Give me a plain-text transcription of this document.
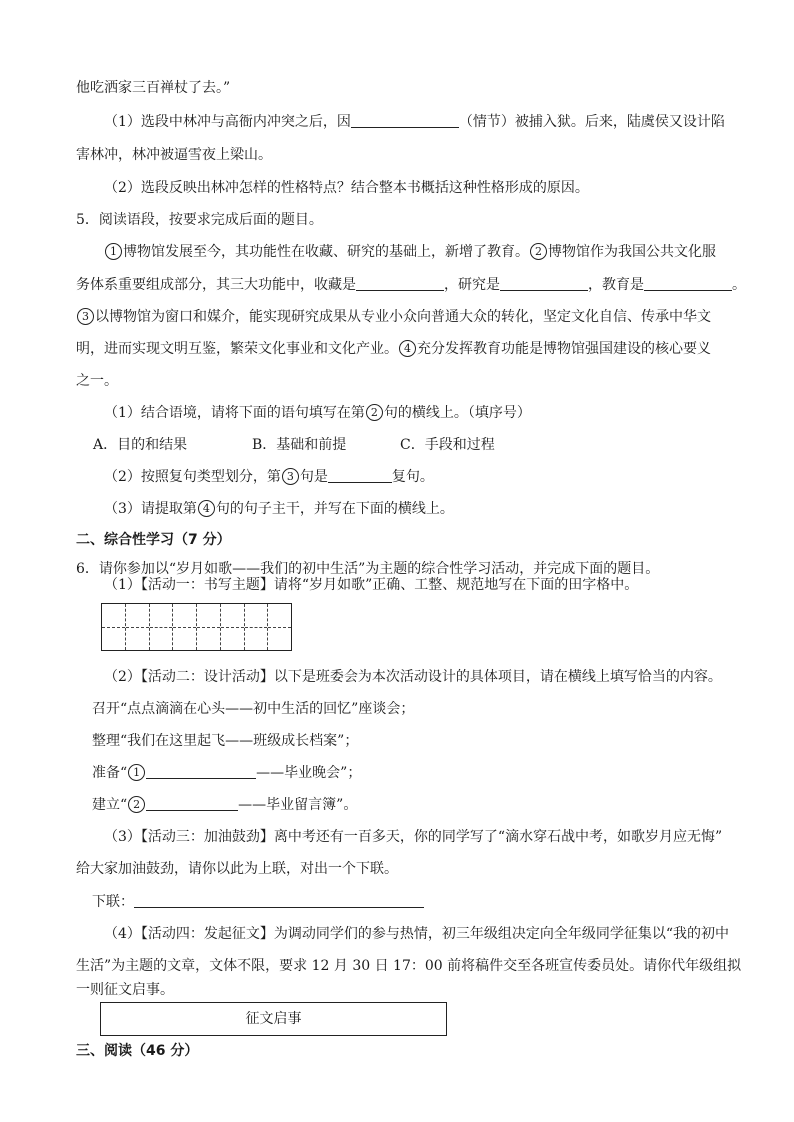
他吃洒家三百禅杖了去。”
（1）选段中林冲与高衙内冲突之后，因	（情节）被捕入狱。后来，陆虞侯又设计陷
害林冲，林冲被逼雪夜上梁山。
（2）选段反映出林冲怎样的性格特点？结合整本书概括这种性格形成的原因。
5．阅读语段，按要求完成后面的题目。
1 博物馆发展至今，其功能性在收藏、研究的基础上，新增了教育。 2 博物馆作为我国公共文化服
务体系重要组成部分，其三大功能中，收藏是	，研究是	，教育是	。
3 以博物馆为窗口和媒介，能实现研究成果从专业小众向普通大众的转化，坚定文化自信、传承中华文
明，进而实现文明互鉴，繁荣文化事业和文化产业。 4 充分发挥教育功能是博物馆强国建设的核心要义
之一。
（1）结合语境，请将下面的语句填写在第 2 句的横线上。（填序号）
A．目的和结果	B．基础和前提	C．手段和过程
（2）按照复句类型划分，第 3 句是	复句。
（3）请提取第 4 句的句子主干，并写在下面的横线上。
二、综合性学习（7 分）
6．请你参加以“岁月如歌——我们的初中生活”为主题的综合性学习活动，并完成下面的题目。
（1）【活动一：书写主题】请将“岁月如歌”正确、工整、规范地写在下面的田字格中。
（2）【活动二：设计活动】以下是班委会为本次活动设计的具体项目，请在横线上填写恰当的内容。
召开“点点滴滴在心头——初中生活的回忆”座谈会；
整理“我们在这里起飞——班级成长档案”；
准备“ 1	——毕业晚会”；
建立“ 2	——毕业留言簿”。
（3）【活动三：加油鼓劲】离中考还有一百多天，你的同学写了“滴水穿石战中考，如歌岁月应无悔”
给大家加油鼓劲，请你以此为上联，对出一个下联。
下联：
（4）【活动四：发起征文】为调动同学们的参与热情，初三年级组决定向全年级同学征集以“我的初中
生活”为主题的文章，文体不限，要求 12 月 30 日 17：00 前将稿件交至各班宣传委员处。请你代年级组拟
一则征文启事。
征文启事
三、阅读（46 分）
